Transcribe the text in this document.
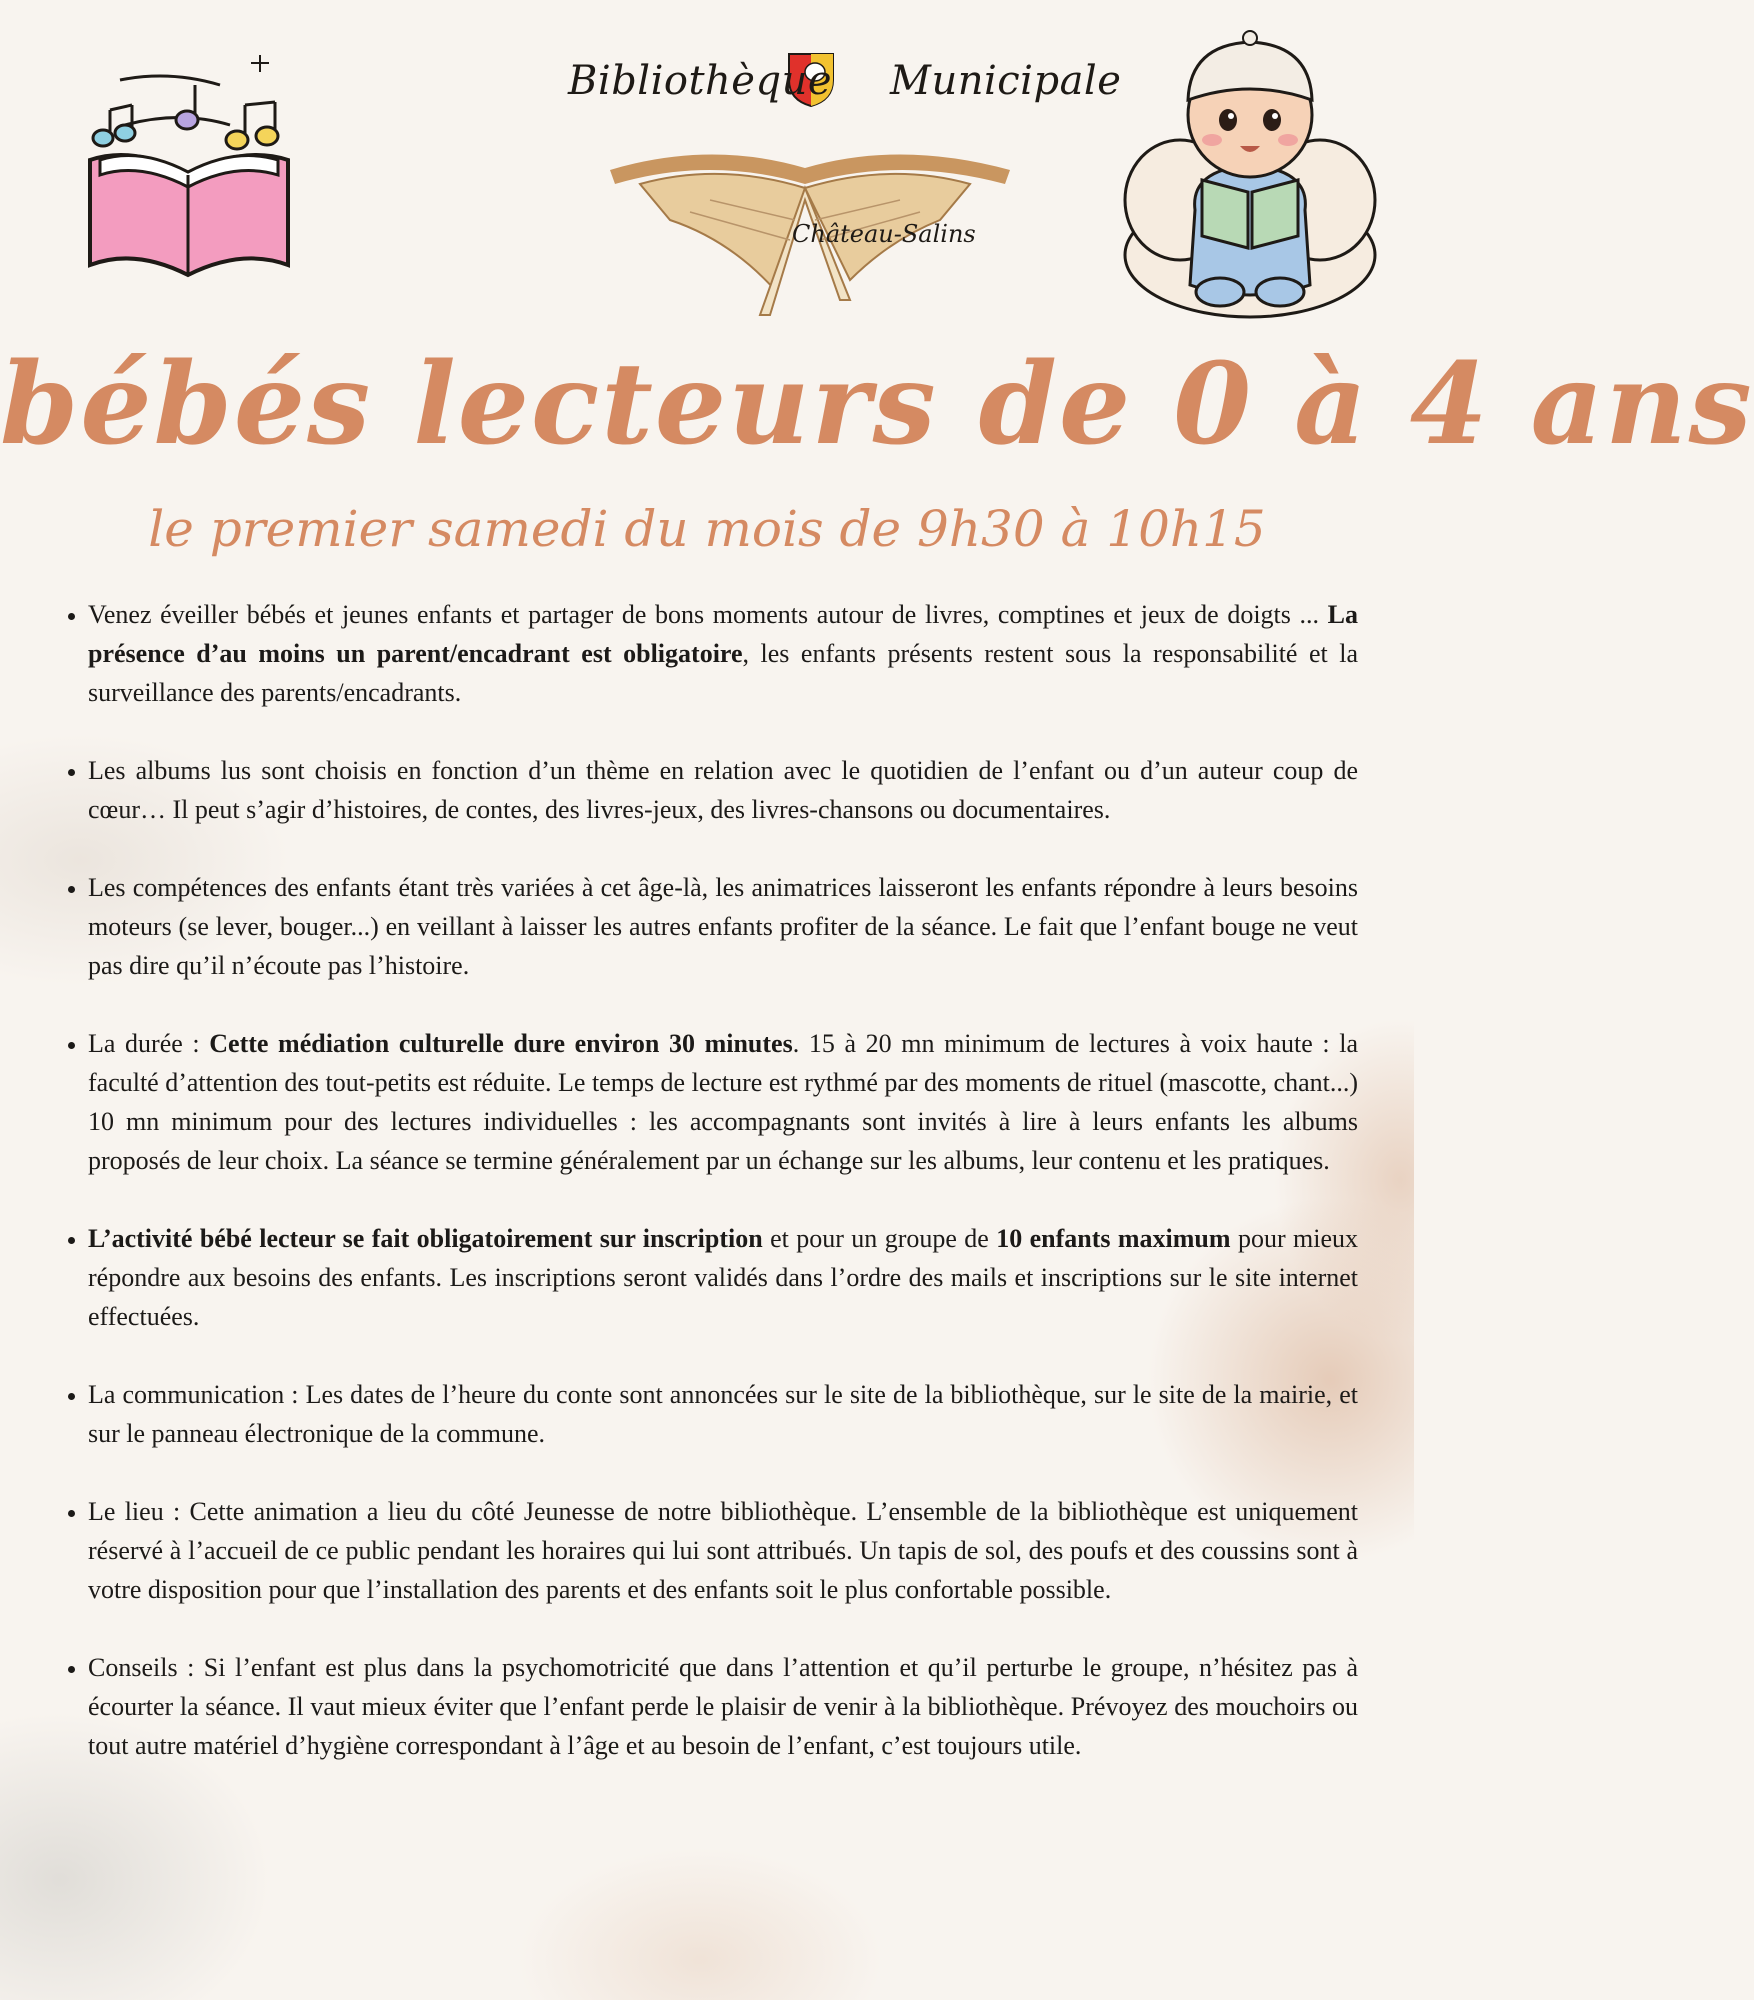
Bibliothèque Municipale
Château-Salins
bébés lecteurs de 0 à 4 ans
le premier samedi du mois de 9h30 à 10h15
• Venez éveiller bébés et jeunes enfants et partager de bons moments autour de livres, comptines et jeux de doigts ... La présence d’au moins un parent/encadrant est obligatoire, les enfants présents restent sous la responsabilité et la surveillance des parents/encadrants.
• Les albums lus sont choisis en fonction d’un thème en relation avec le quotidien de l’enfant ou d’un auteur coup de cœur… Il peut s’agir d’histoires, de contes, des livres-jeux, des livres-chansons ou documentaires.
• Les compétences des enfants étant très variées à cet âge-là, les animatrices laisseront les enfants répondre à leurs besoins moteurs (se lever, bouger...) en veillant à laisser les autres enfants profiter de la séance. Le fait que l’enfant bouge ne veut pas dire qu’il n’écoute pas l’histoire.
• La durée : Cette médiation culturelle dure environ 30 minutes. 15 à 20 mn minimum de lectures à voix haute : la faculté d’attention des tout-petits est réduite. Le temps de lecture est rythmé par des moments de rituel (mascotte, chant...) 10 mn minimum pour des lectures individuelles : les accompagnants sont invités à lire à leurs enfants les albums proposés de leur choix. La séance se termine généralement par un échange sur les albums, leur contenu et les pratiques.
• L’activité bébé lecteur se fait obligatoirement sur inscription et pour un groupe de 10 enfants maximum pour mieux répondre aux besoins des enfants. Les inscriptions seront validés dans l’ordre des mails et inscriptions sur le site internet effectuées.
• La communication : Les dates de l’heure du conte sont annoncées sur le site de la bibliothèque, sur le site de la mairie, et sur le panneau électronique de la commune.
• Le lieu : Cette animation a lieu du côté Jeunesse de notre bibliothèque. L’ensemble de la bibliothèque est uniquement réservé à l’accueil de ce public pendant les horaires qui lui sont attribués. Un tapis de sol, des poufs et des coussins sont à votre disposition pour que l’installation des parents et des enfants soit le plus confortable possible.
• Conseils : Si l’enfant est plus dans la psychomotricité que dans l’attention et qu’il perturbe le groupe, n’hésitez pas à écourter la séance. Il vaut mieux éviter que l’enfant perde le plaisir de venir à la bibliothèque. Prévoyez des mouchoirs ou tout autre matériel d’hygiène correspondant à l’âge et au besoin de l’enfant, c’est toujours utile.
